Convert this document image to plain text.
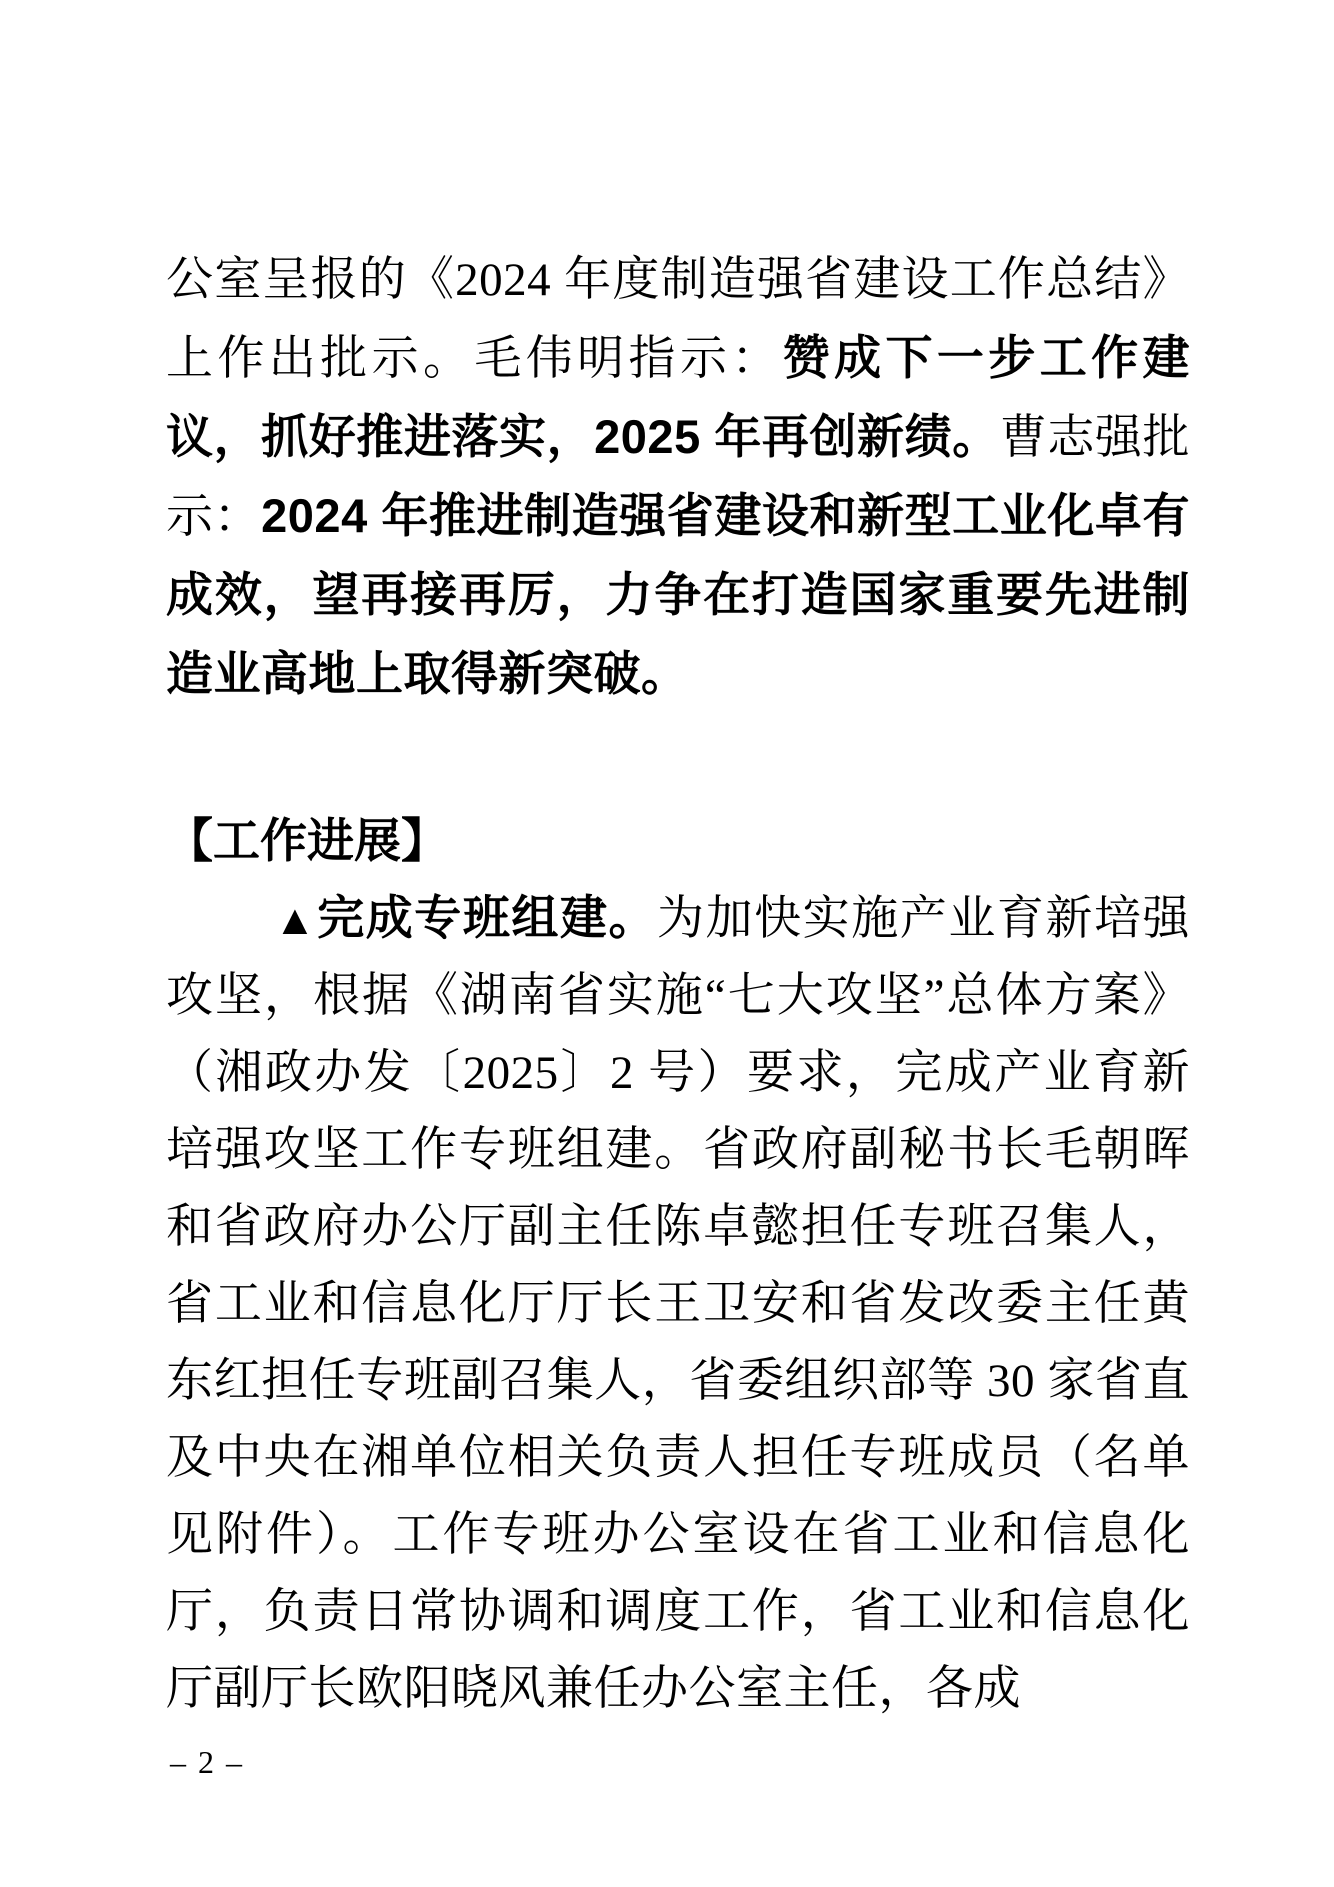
公室呈报的《2024 年度制造强省建设工作总结》上作出批示。毛伟明指示：赞成下一步工作建议，抓好推进落实，2025 年再创新绩。曹志强批示：2024 年推进制造强省建设和新型工业化卓有成效，望再接再厉，力争在打造国家重要先进制造业高地上取得新突破。

【工作进展】

▲完成专班组建。为加快实施产业育新培强攻坚，根据《湖南省实施“七大攻坚”总体方案》（湘政办发〔2025〕2 号）要求，完成产业育新培强攻坚工作专班组建。省政府副秘书长毛朝晖和省政府办公厅副主任陈卓懿担任专班召集人，省工业和信息化厅厅长王卫安和省发改委主任黄东红担任专班副召集人，省委组织部等 30 家省直及中央在湘单位相关负责人担任专班成员（名单见附件）。工作专班办公室设在省工业和信息化厅，负责日常协调和调度工作，省工业和信息化厅副厅长欧阳晓风兼任办公室主任，各成

– 2 –
